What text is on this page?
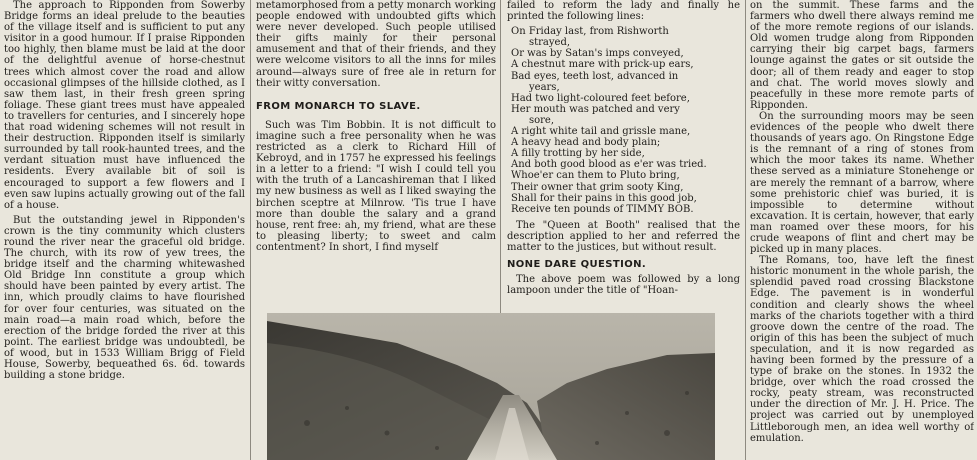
The approach to Ripponden from Sowerby Bridge forms an ideal prelude to the beauties of the village itself and is sufficient to put any visitor in a good humour. If I praise Ripponden too highly, then blame must be laid at the door of the delightful avenue of horse-chestnut trees which almost cover the road and allow occasional glimpses of the hillside clothed, as I saw them last, in their fresh green spring foliage. These giant trees must have appealed to travellers for centuries, and I sincerely hope that road widening schemes will not result in their destruction. Ripponden itself is similarly surrounded by tall rook-haunted trees, and the verdant situation must have influenced the residents. Every available bit of soil is encouraged to support a few flowers and I even saw lupins actually growing out of the fall of a house.

But the outstanding jewel in Ripponden's crown is the tiny community which clusters round the river near the graceful old bridge. The church, with its row of yew trees, the bridge itself and the charming whitewashed Old Bridge Inn constitute a group which should have been painted by every artist. The inn, which proudly claims to have flourished for over four centuries, was situated on the main road—a main road which, before the erection of the bridge forded the river at this point. The earliest bridge was undoubtedl, be of wood, but in 1533 William Brigg of Field House, Sowerby, bequeathed 6s. 6d. towards building a stone bridge.

metamorphosed from a petty monarch working people endowed with undoubted gifts which were never developed. Such people utilised their gifts mainly for their personal amusement and that of their friends, and they were welcome visitors to all the inns for miles around—always sure of free ale in return for their witty conversation.

FROM MONARCH TO SLAVE.

Such was Tim Bobbin. It is not difficult to imagine such a free personality when he was restricted as a clerk to Richard Hill of Kebroyd, and in 1757 he expressed his feelings in a letter to a friend: "I wish I could tell you with the truth of a Lancashireman that I liked my new business as well as I liked swaying the birchen sceptre at Milnrow. 'Tis true I have more than double the salary and a grand house, rent free: ah, my friend, what are these to pleasing liberty; to sweet and calm contentment? In short, I find myself

failed to reform the lady and finally he printed the following lines:

On Friday last, from Rishworth
strayed,
Or was by Satan's imps conveyed,
A chestnut mare with prick-up ears,
Bad eyes, teeth lost, advanced in
years,
Had two light-coloured feet before,
Her mouth was patched and very
sore,
A right white tail and grissle mane,
A heavy head and body plain;
A filly trotting by her side,
And both good blood as e'er was tried.
Whoe'er can them to Pluto bring,
Their owner that grim sooty King,
Shall for their pains in this good job,
Receive ten pounds of TIMMY BOB.

The "Queen at Booth" realised that the description applied to her and referred the matter to the justices, but without result.

NONE DARE QUESTION.

The above poem was followed by a long lampoon under the title of "Hoan-

on the summit. These farms and the farmers who dwell there always remind me of the more remote regions of our islands. Old women trudge along from Ripponden carrying their big carpet bags, farmers lounge against the gates or sit outside the door; all of them ready and eager to stop and chat. The world moves slowly and peacefully in these more remote parts of Ripponden.

On the surrounding moors may be seen evidences of the people who dwelt there thousands of years ago. On Ringstone Edge is the remnant of a ring of stones from which the moor takes its name. Whether these served as a miniature Stonehenge or are merely the remnant of a barrow, where some prehistoric chief was buried, it is impossible to determine without excavation. It is certain, however, that early man roamed over these moors, for his crude weapons of flint and chert may be picked up in many places.

The Romans, too, have left the finest historic monument in the whole parish, the splendid paved road crossing Blackstone Edge. The pavement is in wonderful condition and clearly shows the wheel marks of the chariots together with a third groove down the centre of the road. The origin of this has been the subject of much speculation, and it is now regarded as having been formed by the pressure of a type of brake on the stones. In 1932 the bridge, over which the road crossed the rocky, peaty stream, was reconstructed under the direction of Mr. J. H. Price. The project was carried out by unemployed Littleborough men, an idea well worthy of emulation.
